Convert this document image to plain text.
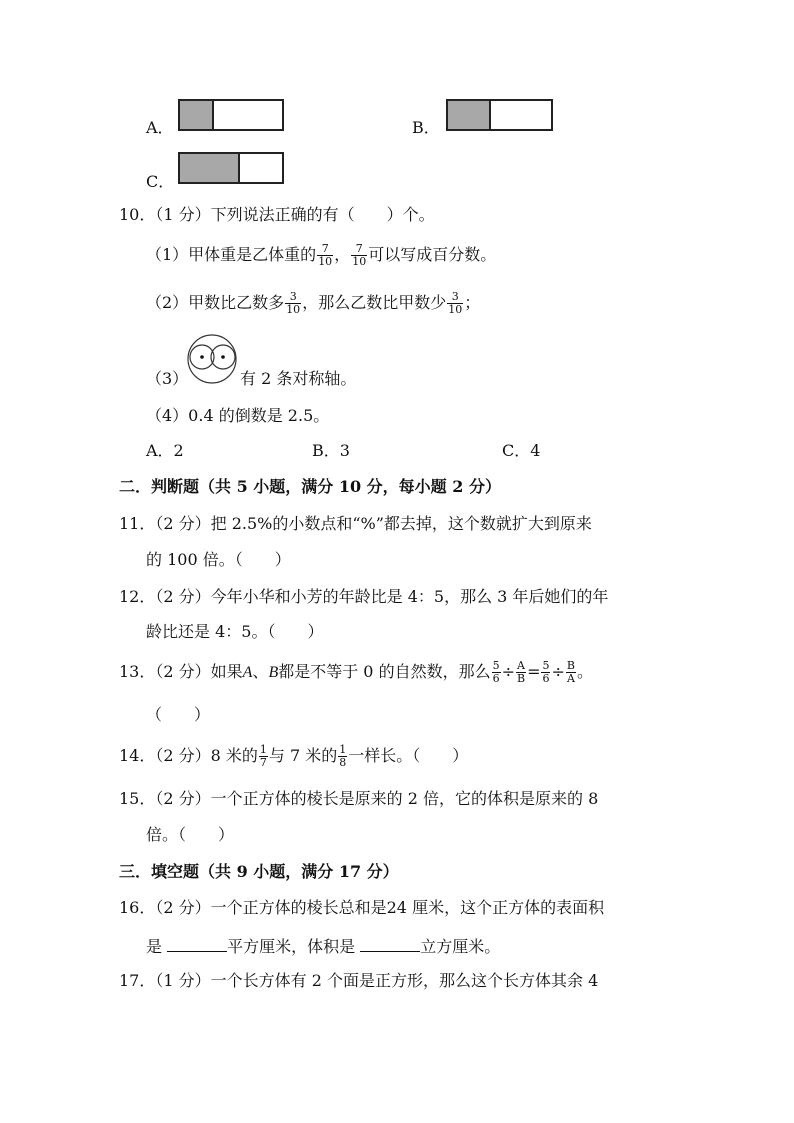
A．	B．
C．
10．（1 分）下列说法正确的有（　　）个。
（1）甲体重是乙体重的 $\frac{7}{10}$ ， $\frac{7}{10}$ 可以写成百分数。
（2）甲数比乙数多 $\frac{3}{10}$ ，那么乙数比甲数少 $\frac{3}{10}$ ；
（3）	有 2 条对称轴。
（4）0.4 的倒数是 2.5。
A．2	B．3	C．4
二．判断题（共 5 小题，满分 10 分，每小题 2 分）
11．（2 分）把 2.5%的小数点和“%”都去掉，这个数就扩大到原来
的 100 倍。（　　）
12．（2 分）今年小华和小芳的年龄比是 4：5，那么 3 年后她们的年
龄比还是 4：5。（　　）
13．（2 分）如果A、B都是不等于 0 的自然数，那么 $\frac{5}{6} \div \frac{A}{B} = \frac{5}{6} \div \frac{B}{A}$ 。
（　　）
14．（2 分）8 米的 $\frac{1}{7}$ 与 7 米的 $\frac{1}{8}$ 一样长。（　　）
15．（2 分）一个正方体的棱长是原来的 2 倍，它的体积是原来的 8
倍。（　　）
三．填空题（共 9 小题，满分 17 分）
16．（2 分）一个正方体的棱长总和是24 厘米，这个正方体的表面积
是	平方厘米，体积是	立方厘米。
17．（1 分）一个长方体有 2 个面是正方形，那么这个长方体其余 4
